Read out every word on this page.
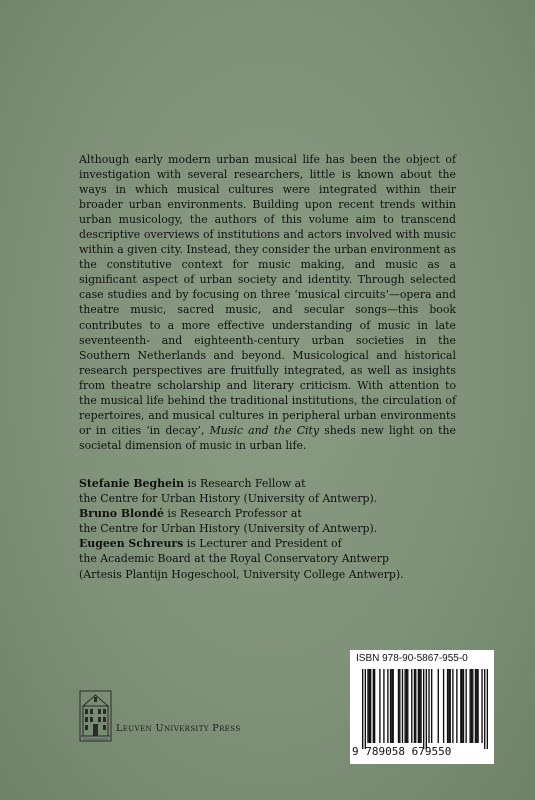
Although early modern urban musical life has been the object of investigation with several researchers, little is known about the ways in which musical cultures were integrated within their broader urban environments. Building upon recent trends within urban musicology, the authors of this volume aim to transcend descriptive overviews of institutions and actors involved with music within a given city. Instead, they consider the urban environment as the constitutive context for music making, and music as a significant aspect of urban society and identity. Through selected case studies and by focusing on three ‘musical circuits’—opera and theatre music, sacred music, and secular songs—this book contributes to a more effective understanding of music in late seventeenth- and eighteenth-century urban societies in the Southern Netherlands and beyond. Musicological and historical research perspectives are fruitfully integrated, as well as insights from theatre scholarship and literary criticism. With attention to the musical life behind the traditional institutions, the circulation of repertoires, and musical cultures in peripheral urban environments or in cities ‘in decay’, Music and the City sheds new light on the societal dimension of music in urban life.

Stefanie Beghein is Research Fellow at
the Centre for Urban History (University of Antwerp).
Bruno Blondé is Research Professor at
the Centre for Urban History (University of Antwerp).
Eugeen Schreurs is Lecturer and President of
the Academic Board at the Royal Conservatory Antwerp
(Artesis Plantijn Hogeschool, University College Antwerp).
Leuven University Press
ISBN 978-90-5867-955-0
9 789058 679550
